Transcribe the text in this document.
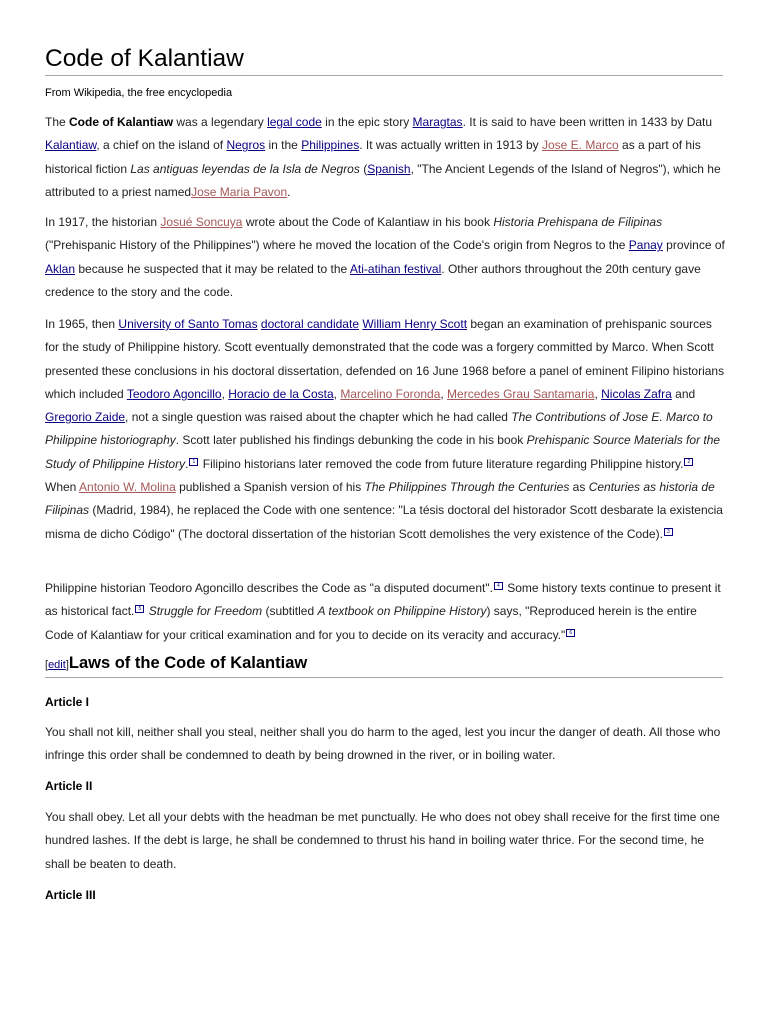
Code of Kalantiaw
From Wikipedia, the free encyclopedia

The Code of Kalantiaw was a legendary legal code in the epic story Maragtas. It is said to have been written in 1433 by Datu Kalantiaw, a chief on the island of Negros in the Philippines. It was actually written in 1913 by Jose E. Marco as a part of his historical fiction Las antiguas leyendas de la Isla de Negros (Spanish, "The Ancient Legends of the Island of Negros"), which he attributed to a priest namedJose Maria Pavon.

In 1917, the historian Josué Soncuya wrote about the Code of Kalantiaw in his book Historia Prehispana de Filipinas ("Prehispanic History of the Philippines") where he moved the location of the Code's origin from Negros to the Panay province of Aklan because he suspected that it may be related to the Ati-atihan festival. Other authors throughout the 20th century gave credence to the story and the code.

In 1965, then University of Santo Tomas doctoral candidate William Henry Scott began an examination of prehispanic sources for the study of Philippine history. Scott eventually demonstrated that the code was a forgery committed by Marco. When Scott presented these conclusions in his doctoral dissertation, defended on 16 June 1968 before a panel of eminent Filipino historians which included Teodoro Agoncillo, Horacio de la Costa, Marcelino Foronda, Mercedes Grau Santamaria, Nicolas Zafra and Gregorio Zaide, not a single question was raised about the chapter which he had called The Contributions of Jose E. Marco to Philippine historiography. Scott later published his findings debunking the code in his book Prehispanic Source Materials for the Study of Philippine History. 1 Filipino historians later removed the code from future literature regarding Philippine history. 2 When Antonio W. Molina published a Spanish version of his The Philippines Through the Centuries as Centuries as historia de Filipinas (Madrid, 1984), he replaced the Code with one sentence: "La tésis doctoral del historador Scott desbarate la existencia misma de dicho Código" (The doctoral dissertation of the historian Scott demolishes the very existence of the Code). 3

Philippine historian Teodoro Agoncillo describes the Code as "a disputed document". 4 Some history texts continue to present it as historical fact. 5 Struggle for Freedom (subtitled A textbook on Philippine History) says, "Reproduced herein is the entire Code of Kalantiaw for your critical examination and for you to decide on its veracity and accuracy." 6

[edit]Laws of the Code of Kalantiaw
Article I

You shall not kill, neither shall you steal, neither shall you do harm to the aged, lest you incur the danger of death. All those who infringe this order shall be condemned to death by being drowned in the river, or in boiling water.

Article II

You shall obey. Let all your debts with the headman be met punctually. He who does not obey shall receive for the first time one hundred lashes. If the debt is large, he shall be condemned to thrust his hand in boiling water thrice. For the second time, he shall be beaten to death.

Article III
